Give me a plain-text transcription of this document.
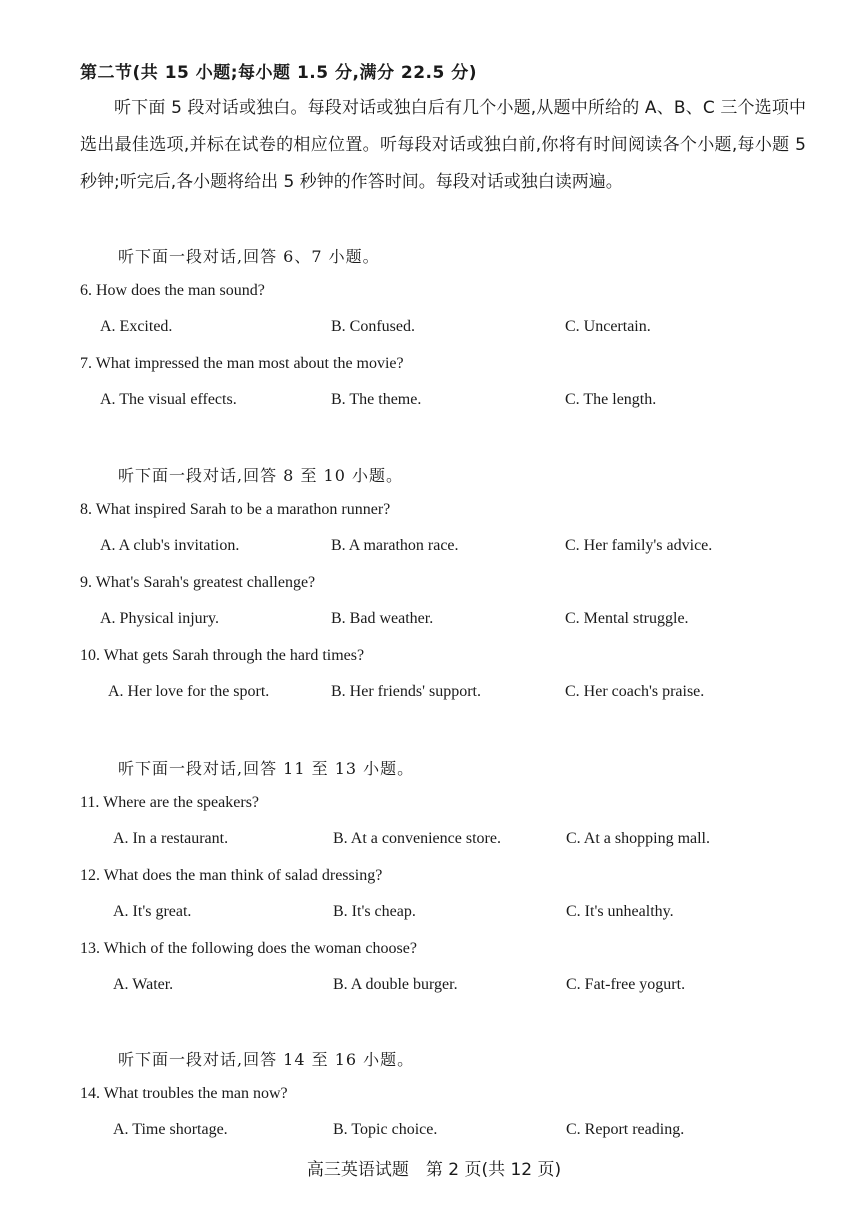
第二节(共 15 小题;每小题 1.5 分,满分 22.5 分)
听下面 5 段对话或独白。每段对话或独白后有几个小题,从题中所给的 A、B、C 三个选项中选出最佳选项,并标在试卷的相应位置。听每段对话或独白前,你将有时间阅读各个小题,每小题 5 秒钟;听完后,各小题将给出 5 秒钟的作答时间。每段对话或独白读两遍。
听下面一段对话,回答 6、7 小题。
6. How does the man sound?
A. Excited.	B. Confused.	C. Uncertain.
7. What impressed the man most about the movie?
A. The visual effects.	B. The theme.	C. The length.
听下面一段对话,回答 8 至 10 小题。
8. What inspired Sarah to be a marathon runner?
A. A club's invitation.	B. A marathon race.	C. Her family's advice.
9. What's Sarah's greatest challenge?
A. Physical injury.	B. Bad weather.	C. Mental struggle.
10. What gets Sarah through the hard times?
A. Her love for the sport.	B. Her friends' support.	C. Her coach's praise.
听下面一段对话,回答 11 至 13 小题。
11. Where are the speakers?
A. In a restaurant.	B. At a convenience store.	C. At a shopping mall.
12. What does the man think of salad dressing?
A. It's great.	B. It's cheap.	C. It's unhealthy.
13. Which of the following does the woman choose?
A. Water.	B. A double burger.	C. Fat-free yogurt.
听下面一段对话,回答 14 至 16 小题。
14. What troubles the man now?
A. Time shortage.	B. Topic choice.	C. Report reading.
高三英语试题　第 2 页(共 12 页)
